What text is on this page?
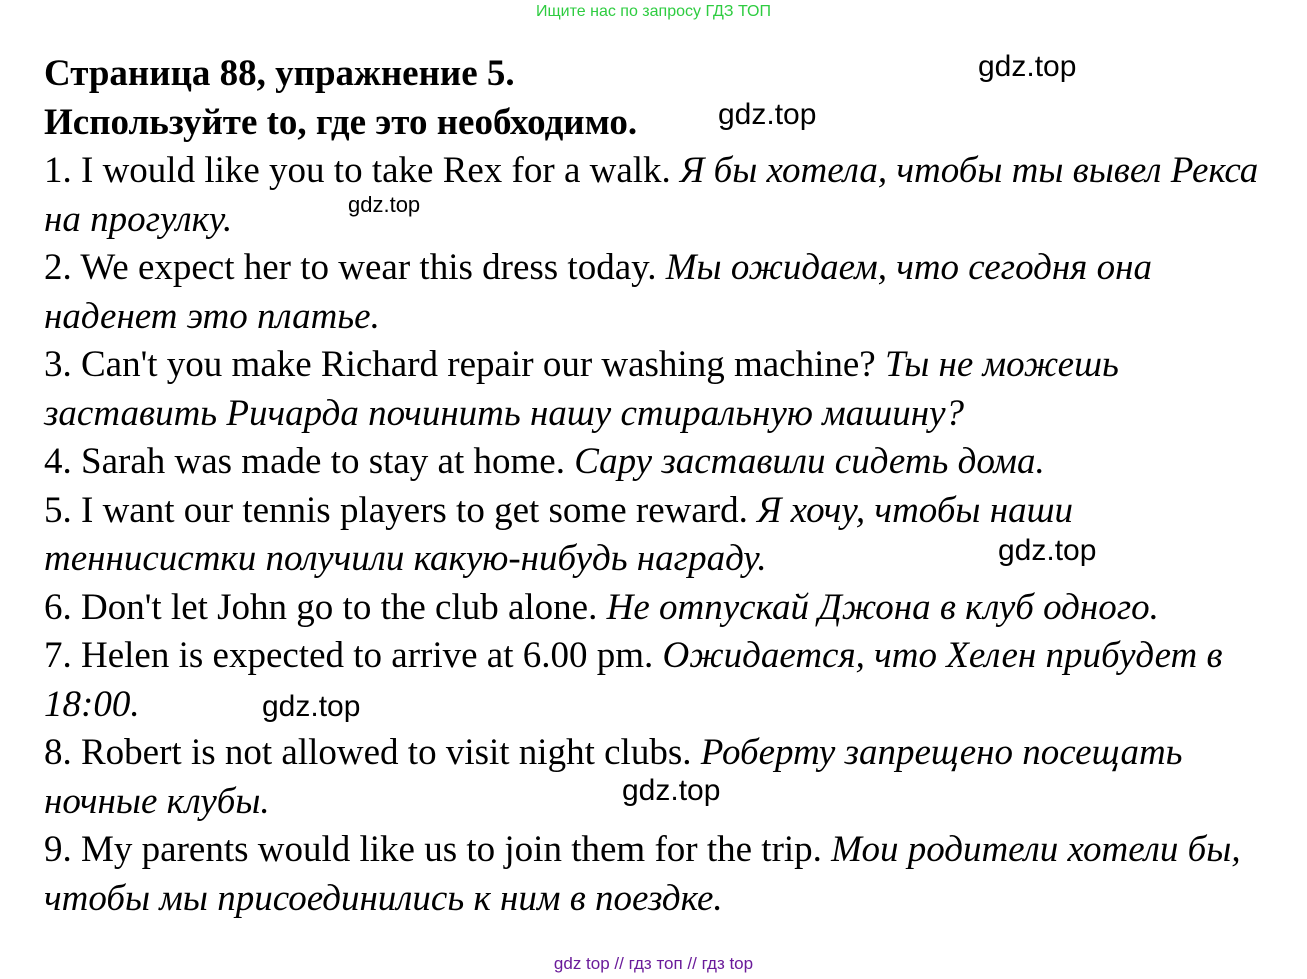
Ищите нас по запросу ГДЗ ТОП
Страница 88, упражнение 5.
Используйте to, где это необходимо.
1. I would like you to take Rex for a walk. Я бы хотела, чтобы ты вывел Рекса на прогулку.
2. We expect her to wear this dress today. Мы ожидаем, что сегодня она наденет это платье.
3. Can't you make Richard repair our washing machine? Ты не можешь заставить Ричарда починить нашу стиральную машину?
4. Sarah was made to stay at home. Сару заставили сидеть дома.
5. I want our tennis players to get some reward. Я хочу, чтобы наши теннисистки получили какую-нибудь награду.
6. Don't let John go to the club alone. Не отпускай Джона в клуб одного.
7. Helen is expected to arrive at 6.00 pm. Ожидается, что Хелен прибудет в 18:00.
8. Robert is not allowed to visit night clubs. Роберту запрещено посещать ночные клубы.
9. My parents would like us to join them for the trip. Мои родители хотели бы, чтобы мы присоединились к ним в поездке.
gdz.top
gdz.top
gdz.top
gdz.top
gdz.top
gdz.top
gdz top // гдз топ // гдз top
